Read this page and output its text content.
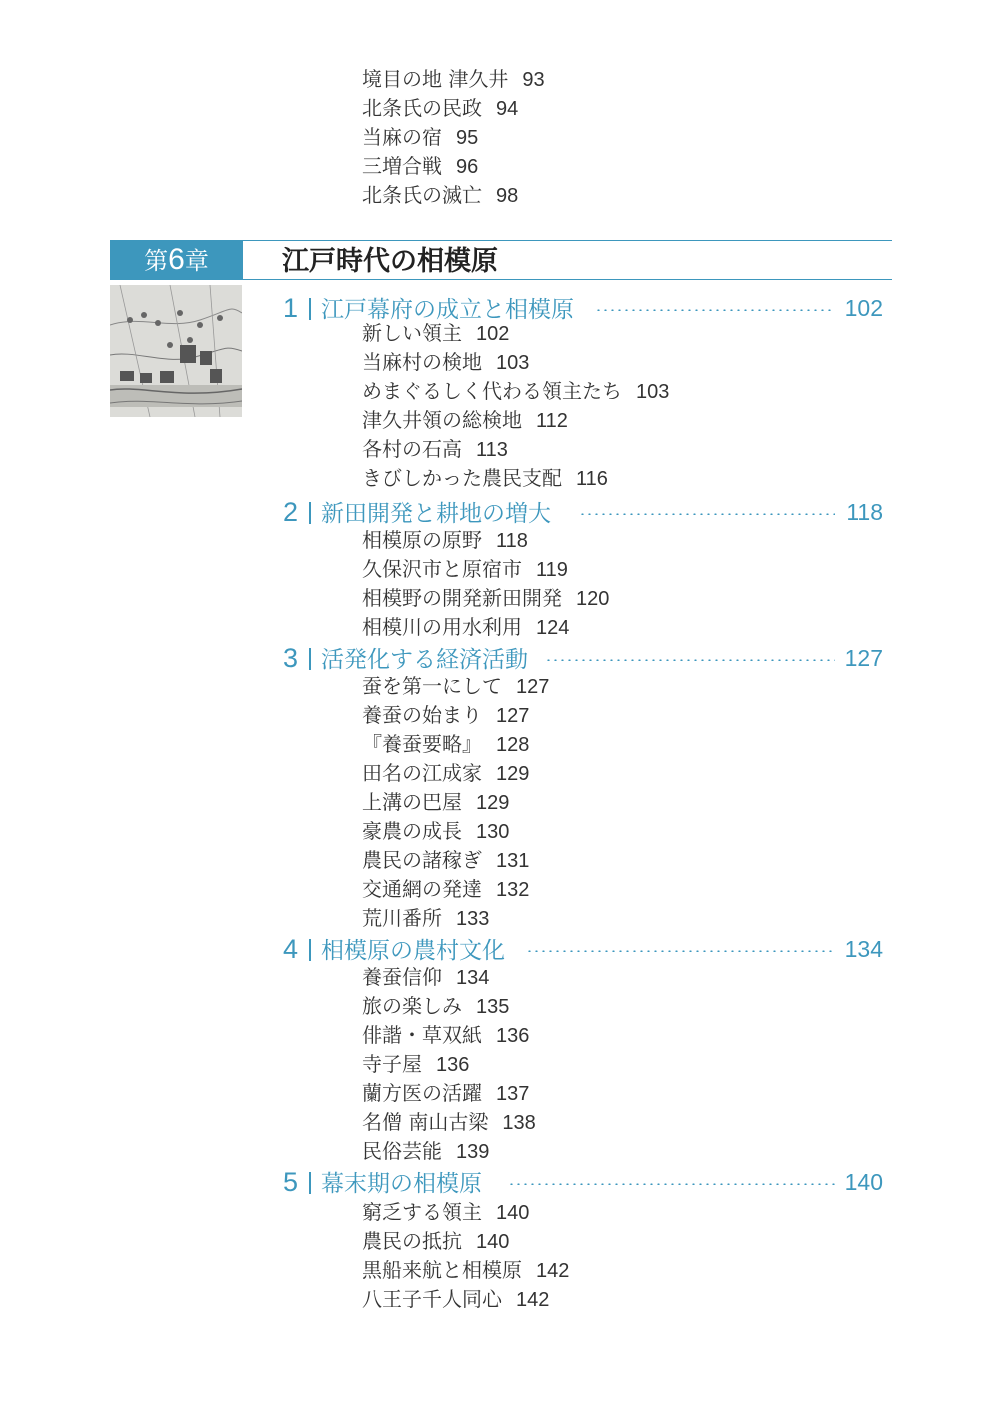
境目の地 津久井 93
北条氏の民政 94
当麻の宿 95
三増合戦 96
北条氏の滅亡 98
第6章	江戸時代の相模原
1 江戸幕府の成立と相模原	102
新しい領主 102
当麻村の検地 103
めまぐるしく代わる領主たち 103
津久井領の総検地 112
各村の石高 113
きびしかった農民支配 116
2 新田開発と耕地の増大	118
相模原の原野 118
久保沢市と原宿市 119
相模野の開発新田開発 120
相模川の用水利用 124
3 活発化する経済活動	127
蚕を第一にして 127
養蚕の始まり 127
『養蚕要略』 128
田名の江成家 129
上溝の巴屋 129
豪農の成長 130
農民の諸稼ぎ 131
交通網の発達 132
荒川番所 133
4 相模原の農村文化	134
養蚕信仰 134
旅の楽しみ 135
俳諧・草双紙 136
寺子屋 136
蘭方医の活躍 137
名僧 南山古梁 138
民俗芸能 139
5 幕末期の相模原	140
窮乏する領主 140
農民の抵抗 140
黒船来航と相模原 142
八王子千人同心 142
